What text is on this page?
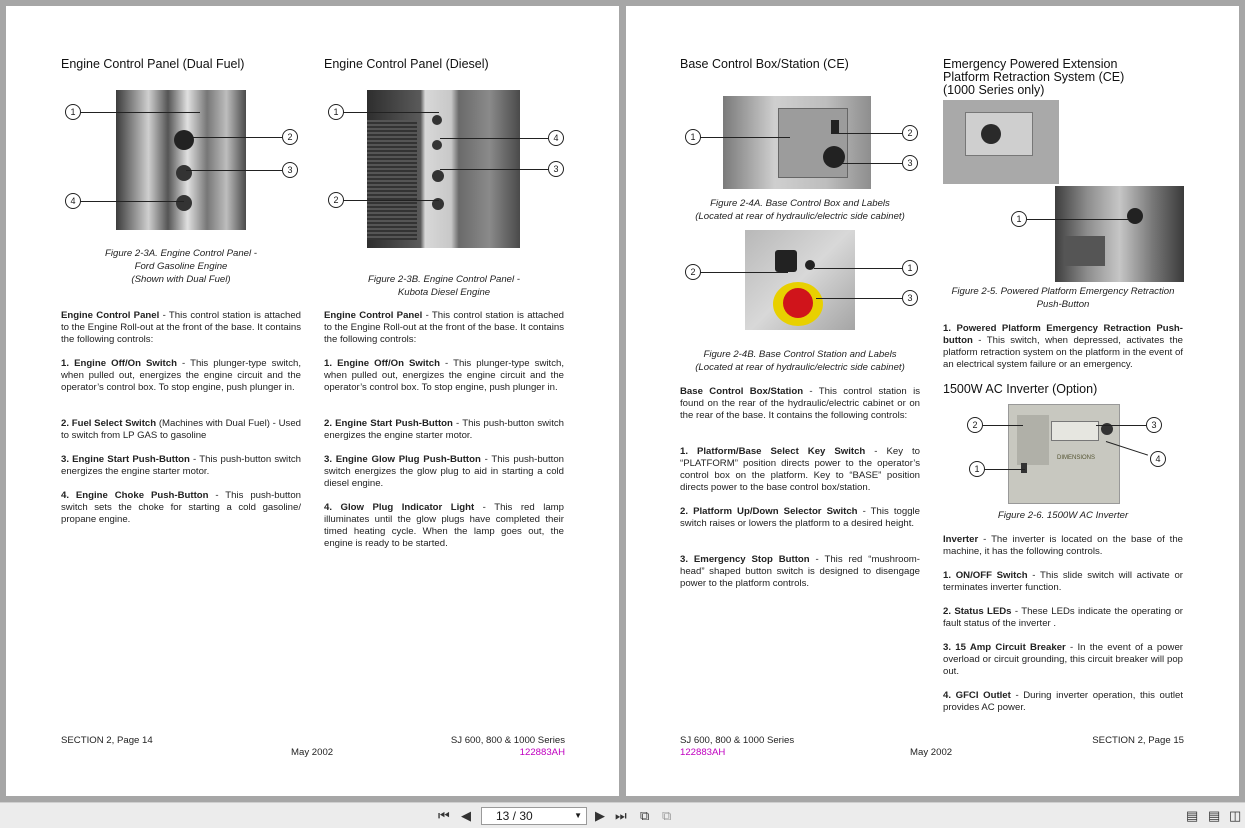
Engine Control Panel (Dual Fuel)
1
2
3
4
Figure 2-3A. Engine Control Panel -
Ford Gasoline Engine
(Shown with Dual Fuel)
Engine Control Panel - This control station is attached to the Engine Roll-out at the front of the base. It contains the following controls:
1. Engine Off/On Switch - This plunger-type switch, when pulled out, energizes the engine circuit and the operator’s control box. To stop engine, push plunger in.
2. Fuel Select Switch (Machines with Dual Fuel) - Used to switch from LP GAS to gasoline
3. Engine Start Push-Button - This push-button switch energizes the engine starter motor.
4. Engine Choke Push-Button - This push-button switch sets the choke for starting a cold gasoline/ propane engine.
Engine Control Panel (Diesel)
1
4
3
2
Figure 2-3B. Engine Control Panel -
Kubota Diesel Engine
Engine Control Panel - This control station is attached to the Engine Roll-out at the front of the base. It contains the following controls:
1. Engine Off/On Switch - This plunger-type switch, when pulled out, energizes the engine circuit and the operator’s control box. To stop engine, push plunger in.
2. Engine Start Push-Button - This push-button switch energizes the engine starter motor.
3. Engine Glow Plug Push-Button - This push-button switch energizes the glow plug to aid in starting a cold diesel engine.
4. Glow Plug Indicator Light - This red lamp illuminates until the glow plugs have completed their timed heating cycle. When the lamp goes out, the engine is ready to be started.
SECTION 2, Page 14
May 2002
SJ 600, 800 & 1000 Series
122883AH
Base Control Box/Station (CE)
1	2
3
Figure 2-4A. Base Control Box and Labels
(Located at rear of hydraulic/electric side cabinet)
2	1
3
Figure 2-4B. Base Control Station and Labels
(Located at rear of hydraulic/electric side cabinet)
Base Control Box/Station - This control station is found on the rear of the hydraulic/electric cabinet or on the rear of the base. It contains the following controls:
1. Platform/Base Select Key Switch - Key to “PLATFORM” position directs power to the operator’s control box on the platform. Key to “BASE” position directs power to the base control box/station.
2. Platform Up/Down Selector Switch - This toggle switch raises or lowers the platform to a desired height.
3. Emergency Stop Button - This red “mushroom-head” shaped button switch is designed to disengage power to the platform controls.
Emergency Powered Extension
Platform Retraction System (CE)
(1000 Series only)
1
Figure 2-5. Powered Platform Emergency Retraction
Push-Button
1. Powered Platform Emergency Retraction Push-button - This switch, when depressed, activates the platform retraction system on the platform in the event of an electrical system failure or an emergency.
1500W AC Inverter (Option)
DIMENSIONS
2	3
4
1
Figure 2-6. 1500W AC Inverter
Inverter - The inverter is located on the base of the machine, it has the following controls.
1. ON/OFF Switch - This slide switch will activate or terminates inverter function.
2. Status LEDs - These LEDs indicate the operating or fault status of the inverter .
3. 15 Amp Circuit Breaker - In the event of a power overload or circuit grounding, this circuit breaker will pop out.
4. GFCI Outlet - During inverter operation, this outlet provides AC power.
SJ 600, 800 & 1000 Series
122883AH	May 2002
SECTION 2, Page 15
⏮ ◀	13 / 30	▼ ▶ ⏭ ⧉ ⧉	▤ ▤ ◫
